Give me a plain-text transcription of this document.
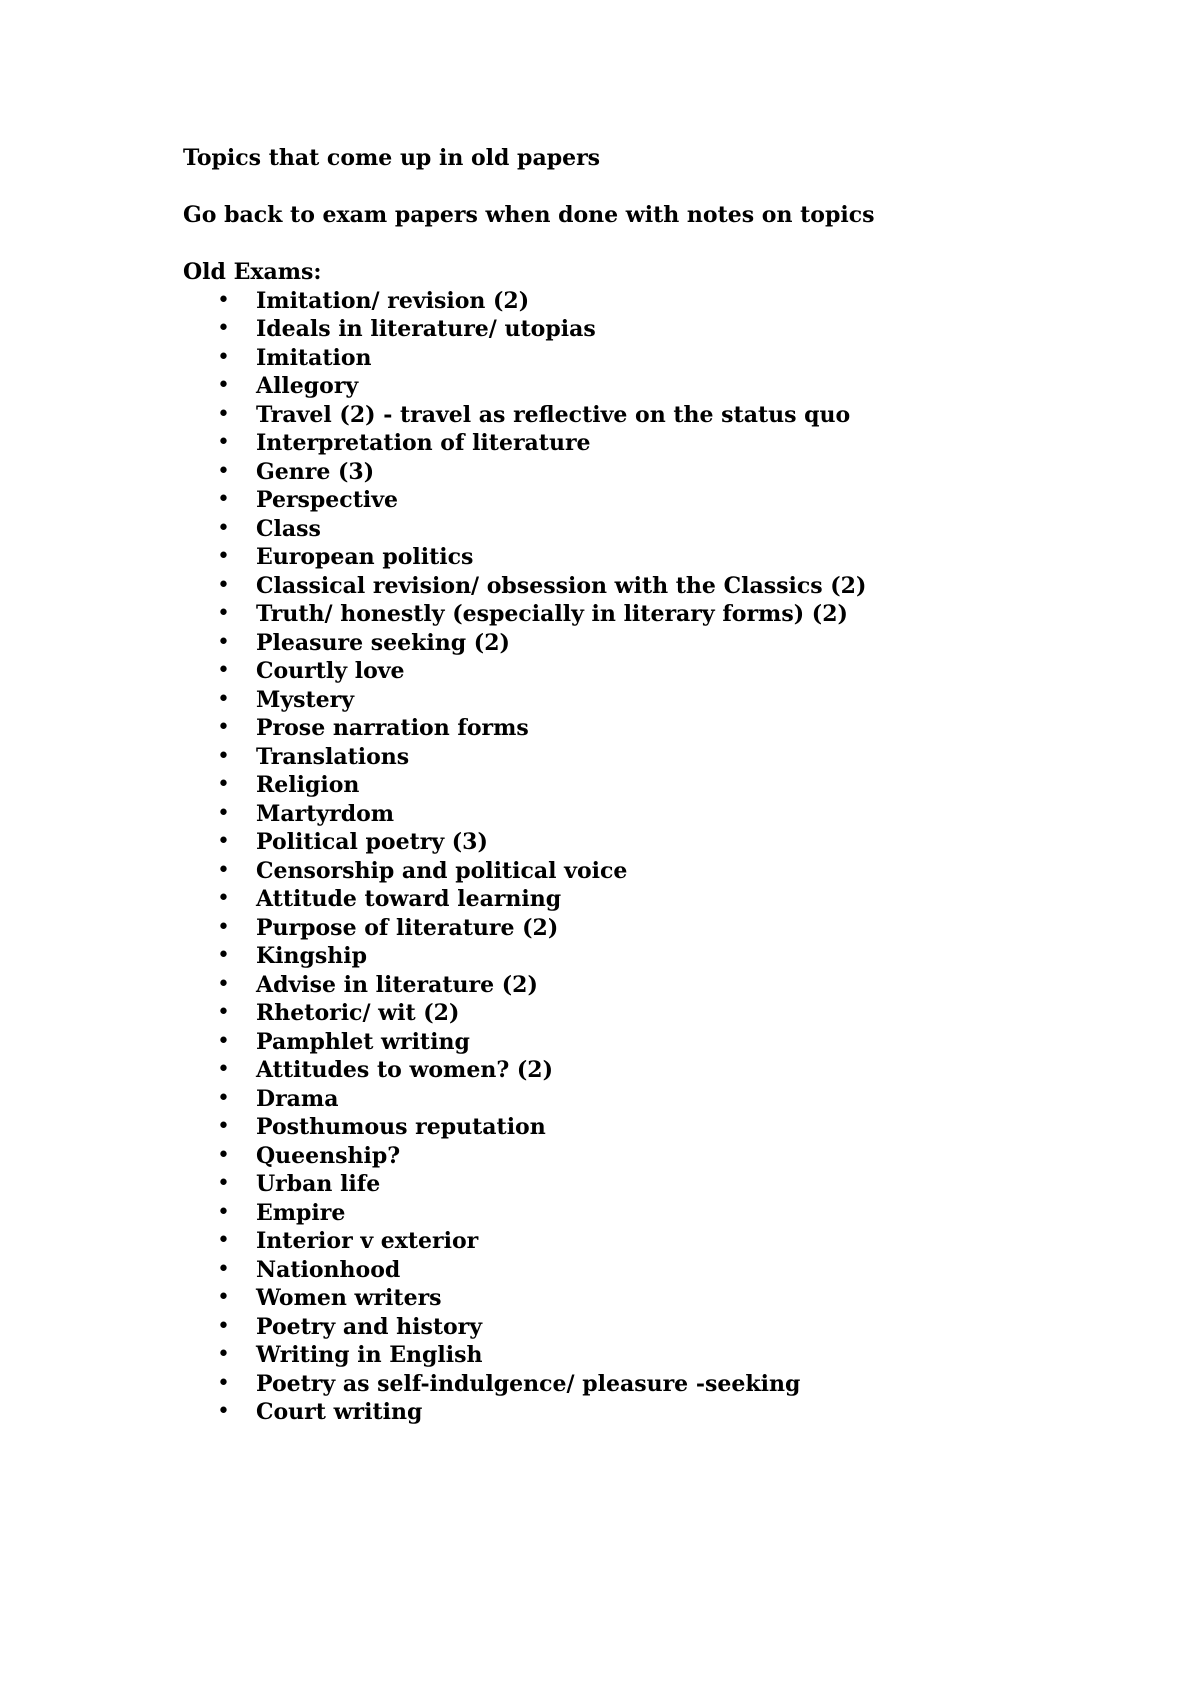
Topics that come up in old papers

Go back to exam papers when done with notes on topics

Old Exams:

• Imitation/ revision (2)
• Ideals in literature/ utopias
• Imitation
• Allegory
• Travel (2) - travel as reflective on the status quo
• Interpretation of literature
• Genre (3)
• Perspective
• Class
• European politics
• Classical revision/ obsession with the Classics (2)
• Truth/ honestly (especially in literary forms) (2)
• Pleasure seeking (2)
• Courtly love
• Mystery
• Prose narration forms
• Translations
• Religion
• Martyrdom
• Political poetry (3)
• Censorship and political voice
• Attitude toward learning
• Purpose of literature (2)
• Kingship
• Advise in literature (2)
• Rhetoric/ wit (2)
• Pamphlet writing
• Attitudes to women? (2)
• Drama
• Posthumous reputation
• Queenship?
• Urban life
• Empire
• Interior v exterior
• Nationhood
• Women writers
• Poetry and history
• Writing in English
• Poetry as self-indulgence/ pleasure -seeking
• Court writing
